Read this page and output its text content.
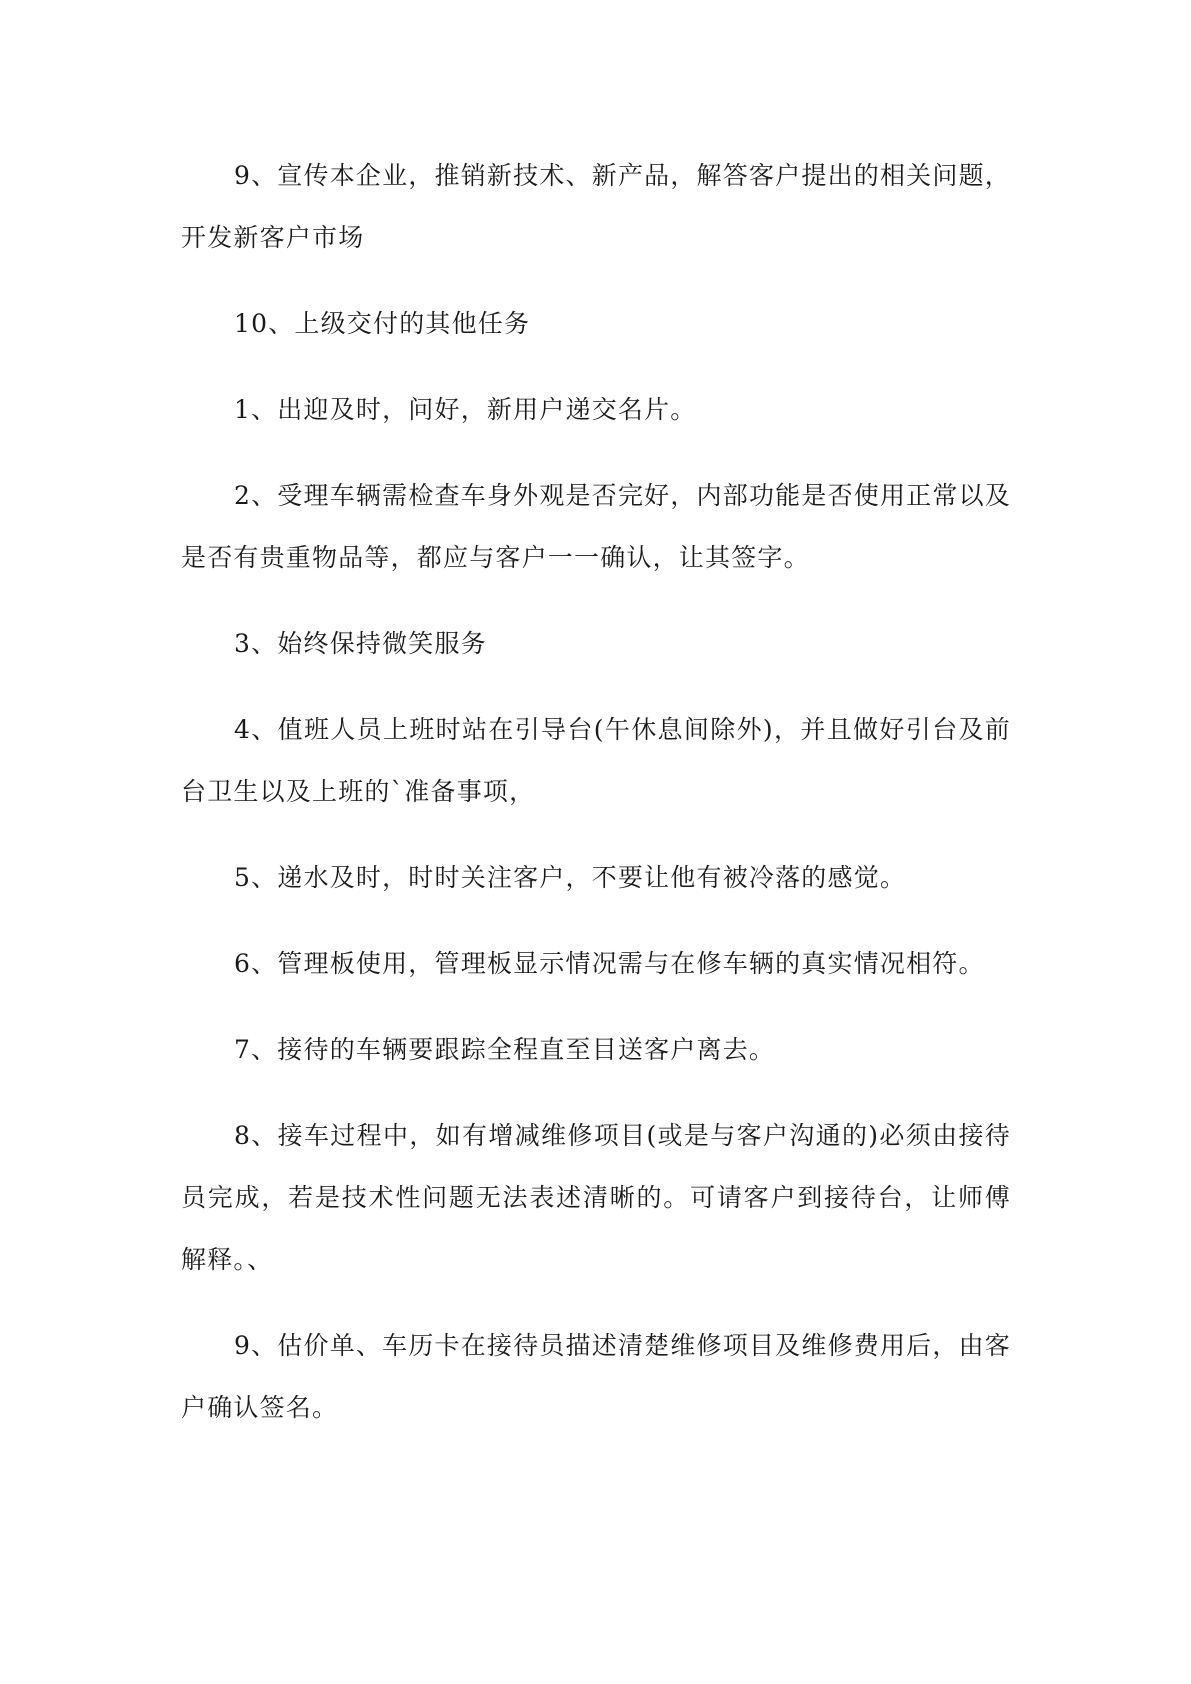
9、宣传本企业，推销新技术、新产品，解答客户提出的相关问题，开发新客户市场

10、上级交付的其他任务

1、出迎及时，问好，新用户递交名片。

2、受理车辆需检查车身外观是否完好，内部功能是否使用正常以及是否有贵重物品等，都应与客户一一确认，让其签字。

3、始终保持微笑服务

4、值班人员上班时站在引导台(午休息间除外)，并且做好引台及前台卫生以及上班的`准备事项，

5、递水及时，时时关注客户，不要让他有被冷落的感觉。

6、管理板使用，管理板显示情况需与在修车辆的真实情况相符。

7、接待的车辆要跟踪全程直至目送客户离去。

8、接车过程中，如有增减维修项目(或是与客户沟通的)必须由接待员完成，若是技术性问题无法表述清晰的。可请客户到接待台，让师傅解释。、

9、估价单、车历卡在接待员描述清楚维修项目及维修费用后，由客户确认签名。
